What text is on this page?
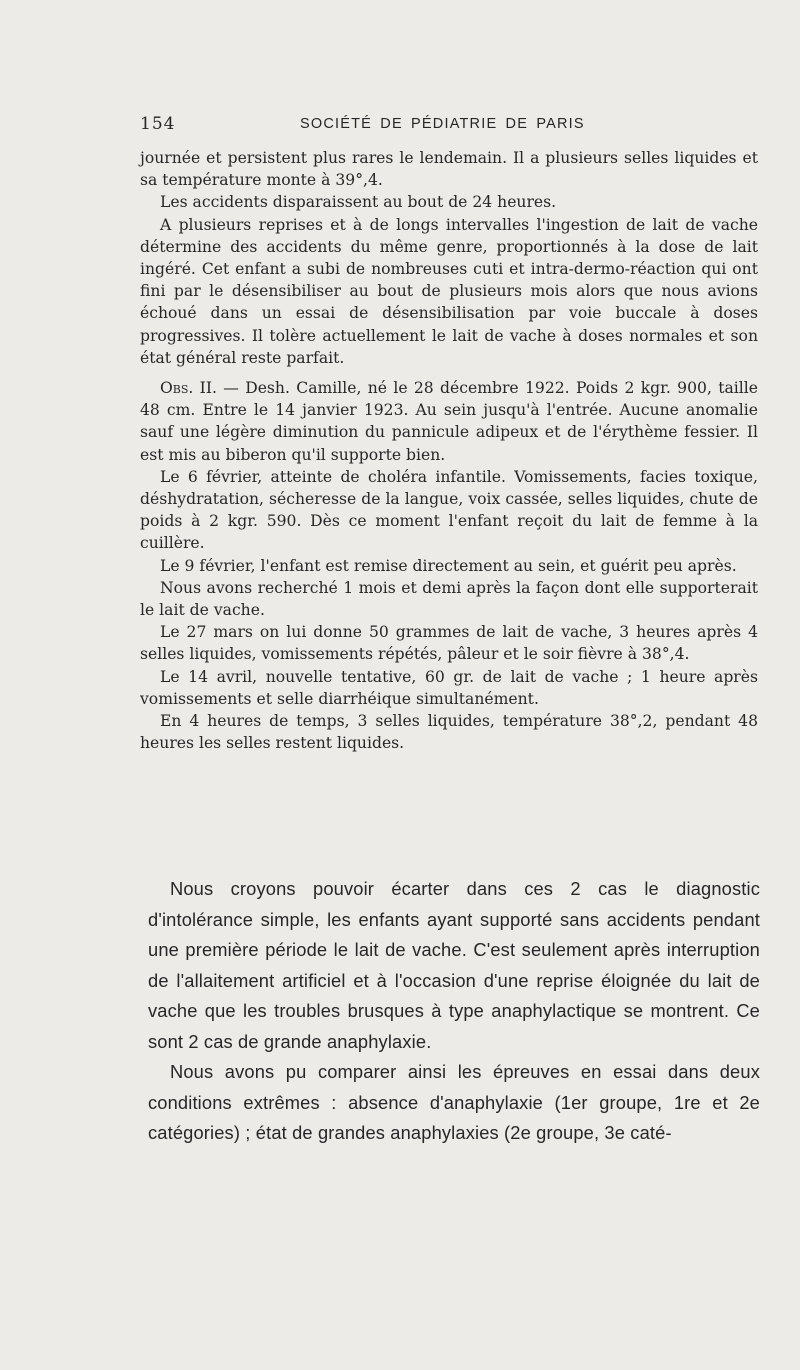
154	SOCIÉTÉ DE PÉDIATRIE DE PARIS

journée et persistent plus rares le lendemain. Il a plusieurs selles liquides et sa température monte à 39°,4.

Les accidents disparaissent au bout de 24 heures.

A plusieurs reprises et à de longs intervalles l'ingestion de lait de vache détermine des accidents du même genre, proportionnés à la dose de lait ingéré. Cet enfant a subi de nombreuses cuti et intra-dermo-réaction qui ont fini par le désensibiliser au bout de plusieurs mois alors que nous avions échoué dans un essai de désensibilisation par voie buccale à doses progressives. Il tolère actuellement le lait de vache à doses normales et son état général reste parfait.

Obs. II. — Desh. Camille, né le 28 décembre 1922. Poids 2 kgr. 900, taille 48 cm. Entre le 14 janvier 1923. Au sein jusqu'à l'entrée. Aucune anomalie sauf une légère diminution du pannicule adipeux et de l'érythème fessier. Il est mis au biberon qu'il supporte bien.

Le 6 février, atteinte de choléra infantile. Vomissements, facies toxique, déshydratation, sécheresse de la langue, voix cassée, selles liquides, chute de poids à 2 kgr. 590. Dès ce moment l'enfant reçoit du lait de femme à la cuillère.

Le 9 février, l'enfant est remise directement au sein, et guérit peu après.

Nous avons recherché 1 mois et demi après la façon dont elle supporterait le lait de vache.

Le 27 mars on lui donne 50 grammes de lait de vache, 3 heures après 4 selles liquides, vomissements répétés, pâleur et le soir fièvre à 38°,4.

Le 14 avril, nouvelle tentative, 60 gr. de lait de vache ; 1 heure après vomissements et selle diarrhéique simultanément.

En 4 heures de temps, 3 selles liquides, température 38°,2, pendant 48 heures les selles restent liquides.

Nous croyons pouvoir écarter dans ces 2 cas le diagnostic d'intolérance simple, les enfants ayant supporté sans accidents pendant une première période le lait de vache. C'est seulement après interruption de l'allaitement artificiel et à l'occasion d'une reprise éloignée du lait de vache que les troubles brusques à type anaphylactique se montrent. Ce sont 2 cas de grande anaphylaxie.

Nous avons pu comparer ainsi les épreuves en essai dans deux conditions extrêmes : absence d'anaphylaxie (1er groupe, 1re et 2e catégories) ; état de grandes anaphylaxies (2e groupe, 3e caté-
